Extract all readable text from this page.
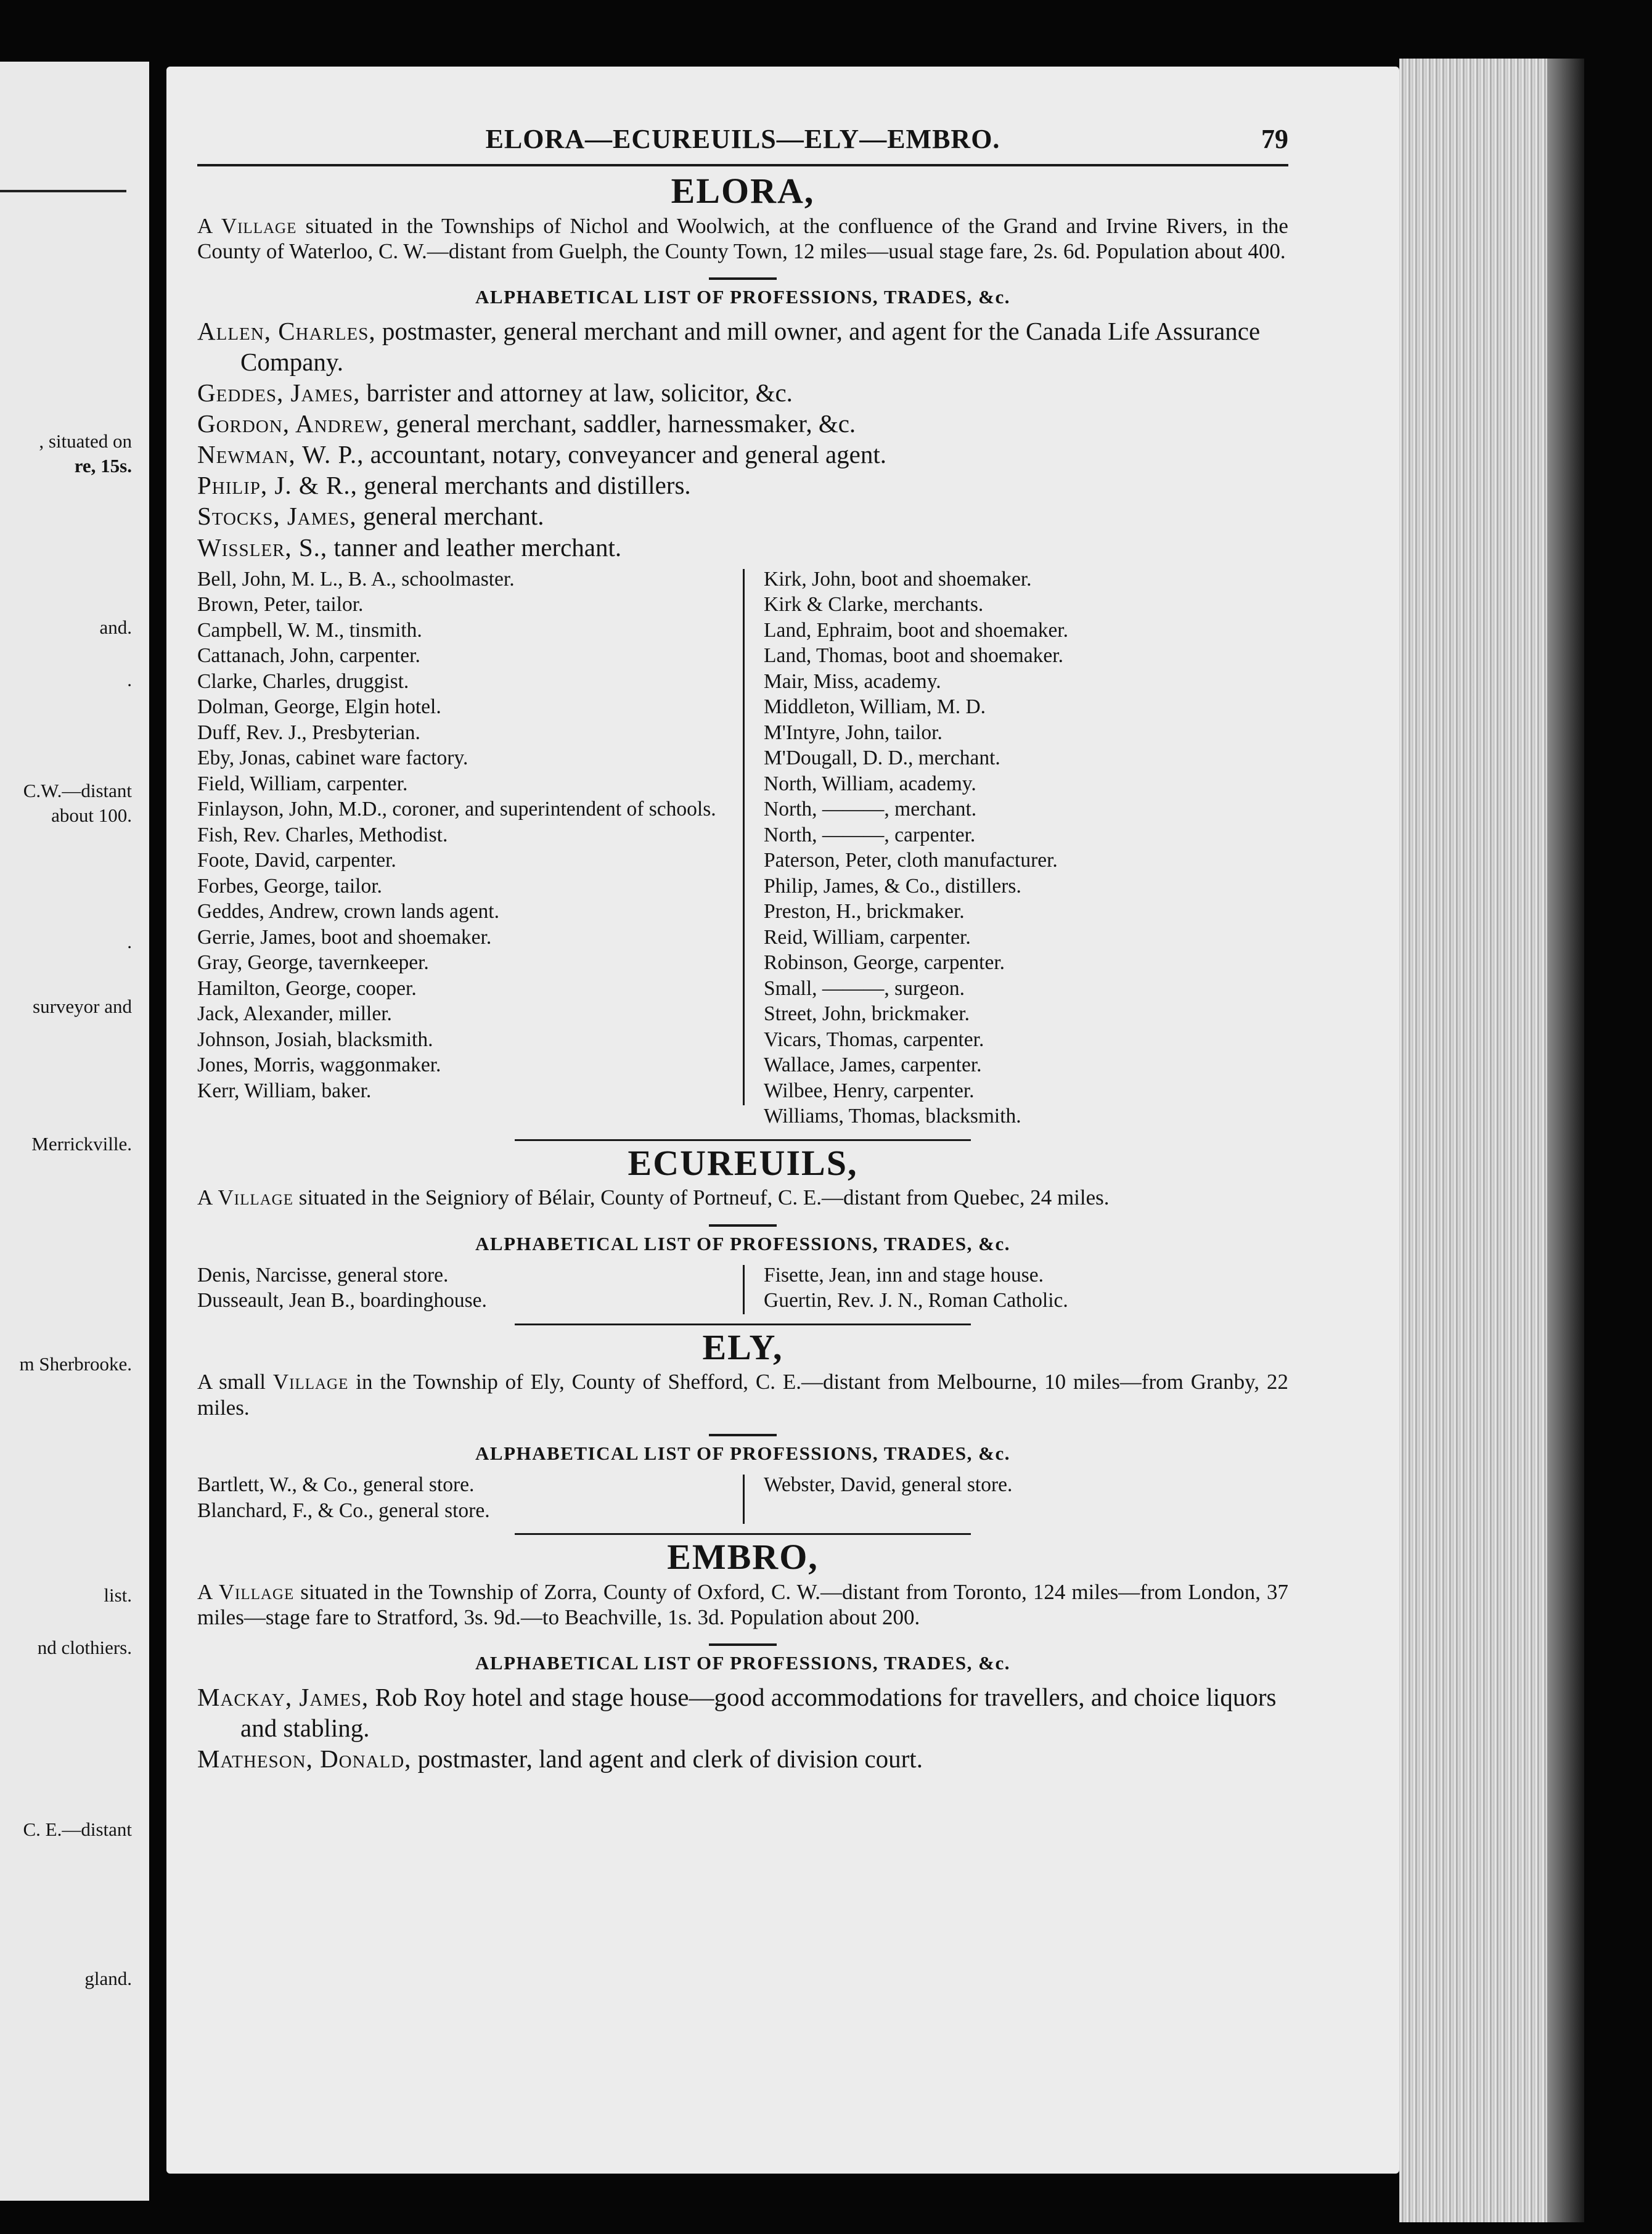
, situated on
re, 15s.
and.
.
C.W.—distant
about 100.
.
surveyor and
Merrickville.
m Sherbrooke.
list.
nd clothiers.
C. E.—distant
gland.
ELORA—ECUREUILS—ELY—EMBRO.	79
ELORA,

A Village situated in the Townships of Nichol and Woolwich, at the confluence of the Grand and Irvine Rivers, in the County of Waterloo, C. W.—distant from Guelph, the County Town, 12 miles—usual stage fare, 2s. 6d. Population about 400.

ALPHABETICAL LIST OF PROFESSIONS, TRADES, &c.

Allen, Charles, postmaster, general merchant and mill owner, and agent for the Canada Life Assurance Company.

Geddes, James, barrister and attorney at law, solicitor, &c.

Gordon, Andrew, general merchant, saddler, harnessmaker, &c.

Newman, W. P., accountant, notary, conveyancer and general agent.

Philip, J. & R., general merchants and distillers.

Stocks, James, general merchant.

Wissler, S., tanner and leather merchant.

Bell, John, M. L., B. A., schoolmaster.

Brown, Peter, tailor.

Campbell, W. M., tinsmith.

Cattanach, John, carpenter.

Clarke, Charles, druggist.

Dolman, George, Elgin hotel.

Duff, Rev. J., Presbyterian.

Eby, Jonas, cabinet ware factory.

Field, William, carpenter.

Finlayson, John, M.D., coroner, and superintendent of schools.

Fish, Rev. Charles, Methodist.

Foote, David, carpenter.

Forbes, George, tailor.

Geddes, Andrew, crown lands agent.

Gerrie, James, boot and shoemaker.

Gray, George, tavernkeeper.

Hamilton, George, cooper.

Jack, Alexander, miller.

Johnson, Josiah, blacksmith.

Jones, Morris, waggonmaker.

Kerr, William, baker.

Kirk, John, boot and shoemaker.

Kirk & Clarke, merchants.

Land, Ephraim, boot and shoemaker.

Land, Thomas, boot and shoemaker.

Mair, Miss, academy.

Middleton, William, M. D.

M'Intyre, John, tailor.

M'Dougall, D. D., merchant.

North, William, academy.

North, ———, merchant.

North, ———, carpenter.

Paterson, Peter, cloth manufacturer.

Philip, James, & Co., distillers.

Preston, H., brickmaker.

Reid, William, carpenter.

Robinson, George, carpenter.

Small, ———, surgeon.

Street, John, brickmaker.

Vicars, Thomas, carpenter.

Wallace, James, carpenter.

Wilbee, Henry, carpenter.

Williams, Thomas, blacksmith.

ECUREUILS,

A Village situated in the Seigniory of Bélair, County of Portneuf, C. E.—distant from Quebec, 24 miles.

ALPHABETICAL LIST OF PROFESSIONS, TRADES, &c.

Denis, Narcisse, general store.

Dusseault, Jean B., boardinghouse.

Fisette, Jean, inn and stage house.

Guertin, Rev. J. N., Roman Catholic.

ELY,

A small Village in the Township of Ely, County of Shefford, C. E.—distant from Melbourne, 10 miles—from Granby, 22 miles.

ALPHABETICAL LIST OF PROFESSIONS, TRADES, &c.

Bartlett, W., & Co., general store.

Blanchard, F., & Co., general store.

Webster, David, general store.

EMBRO,

A Village situated in the Township of Zorra, County of Oxford, C. W.—distant from Toronto, 124 miles—from London, 37 miles—stage fare to Stratford, 3s. 9d.—to Beachville, 1s. 3d. Population about 200.

ALPHABETICAL LIST OF PROFESSIONS, TRADES, &c.

Mackay, James, Rob Roy hotel and stage house—good accommodations for travellers, and choice liquors and stabling.

Matheson, Donald, postmaster, land agent and clerk of division court.
